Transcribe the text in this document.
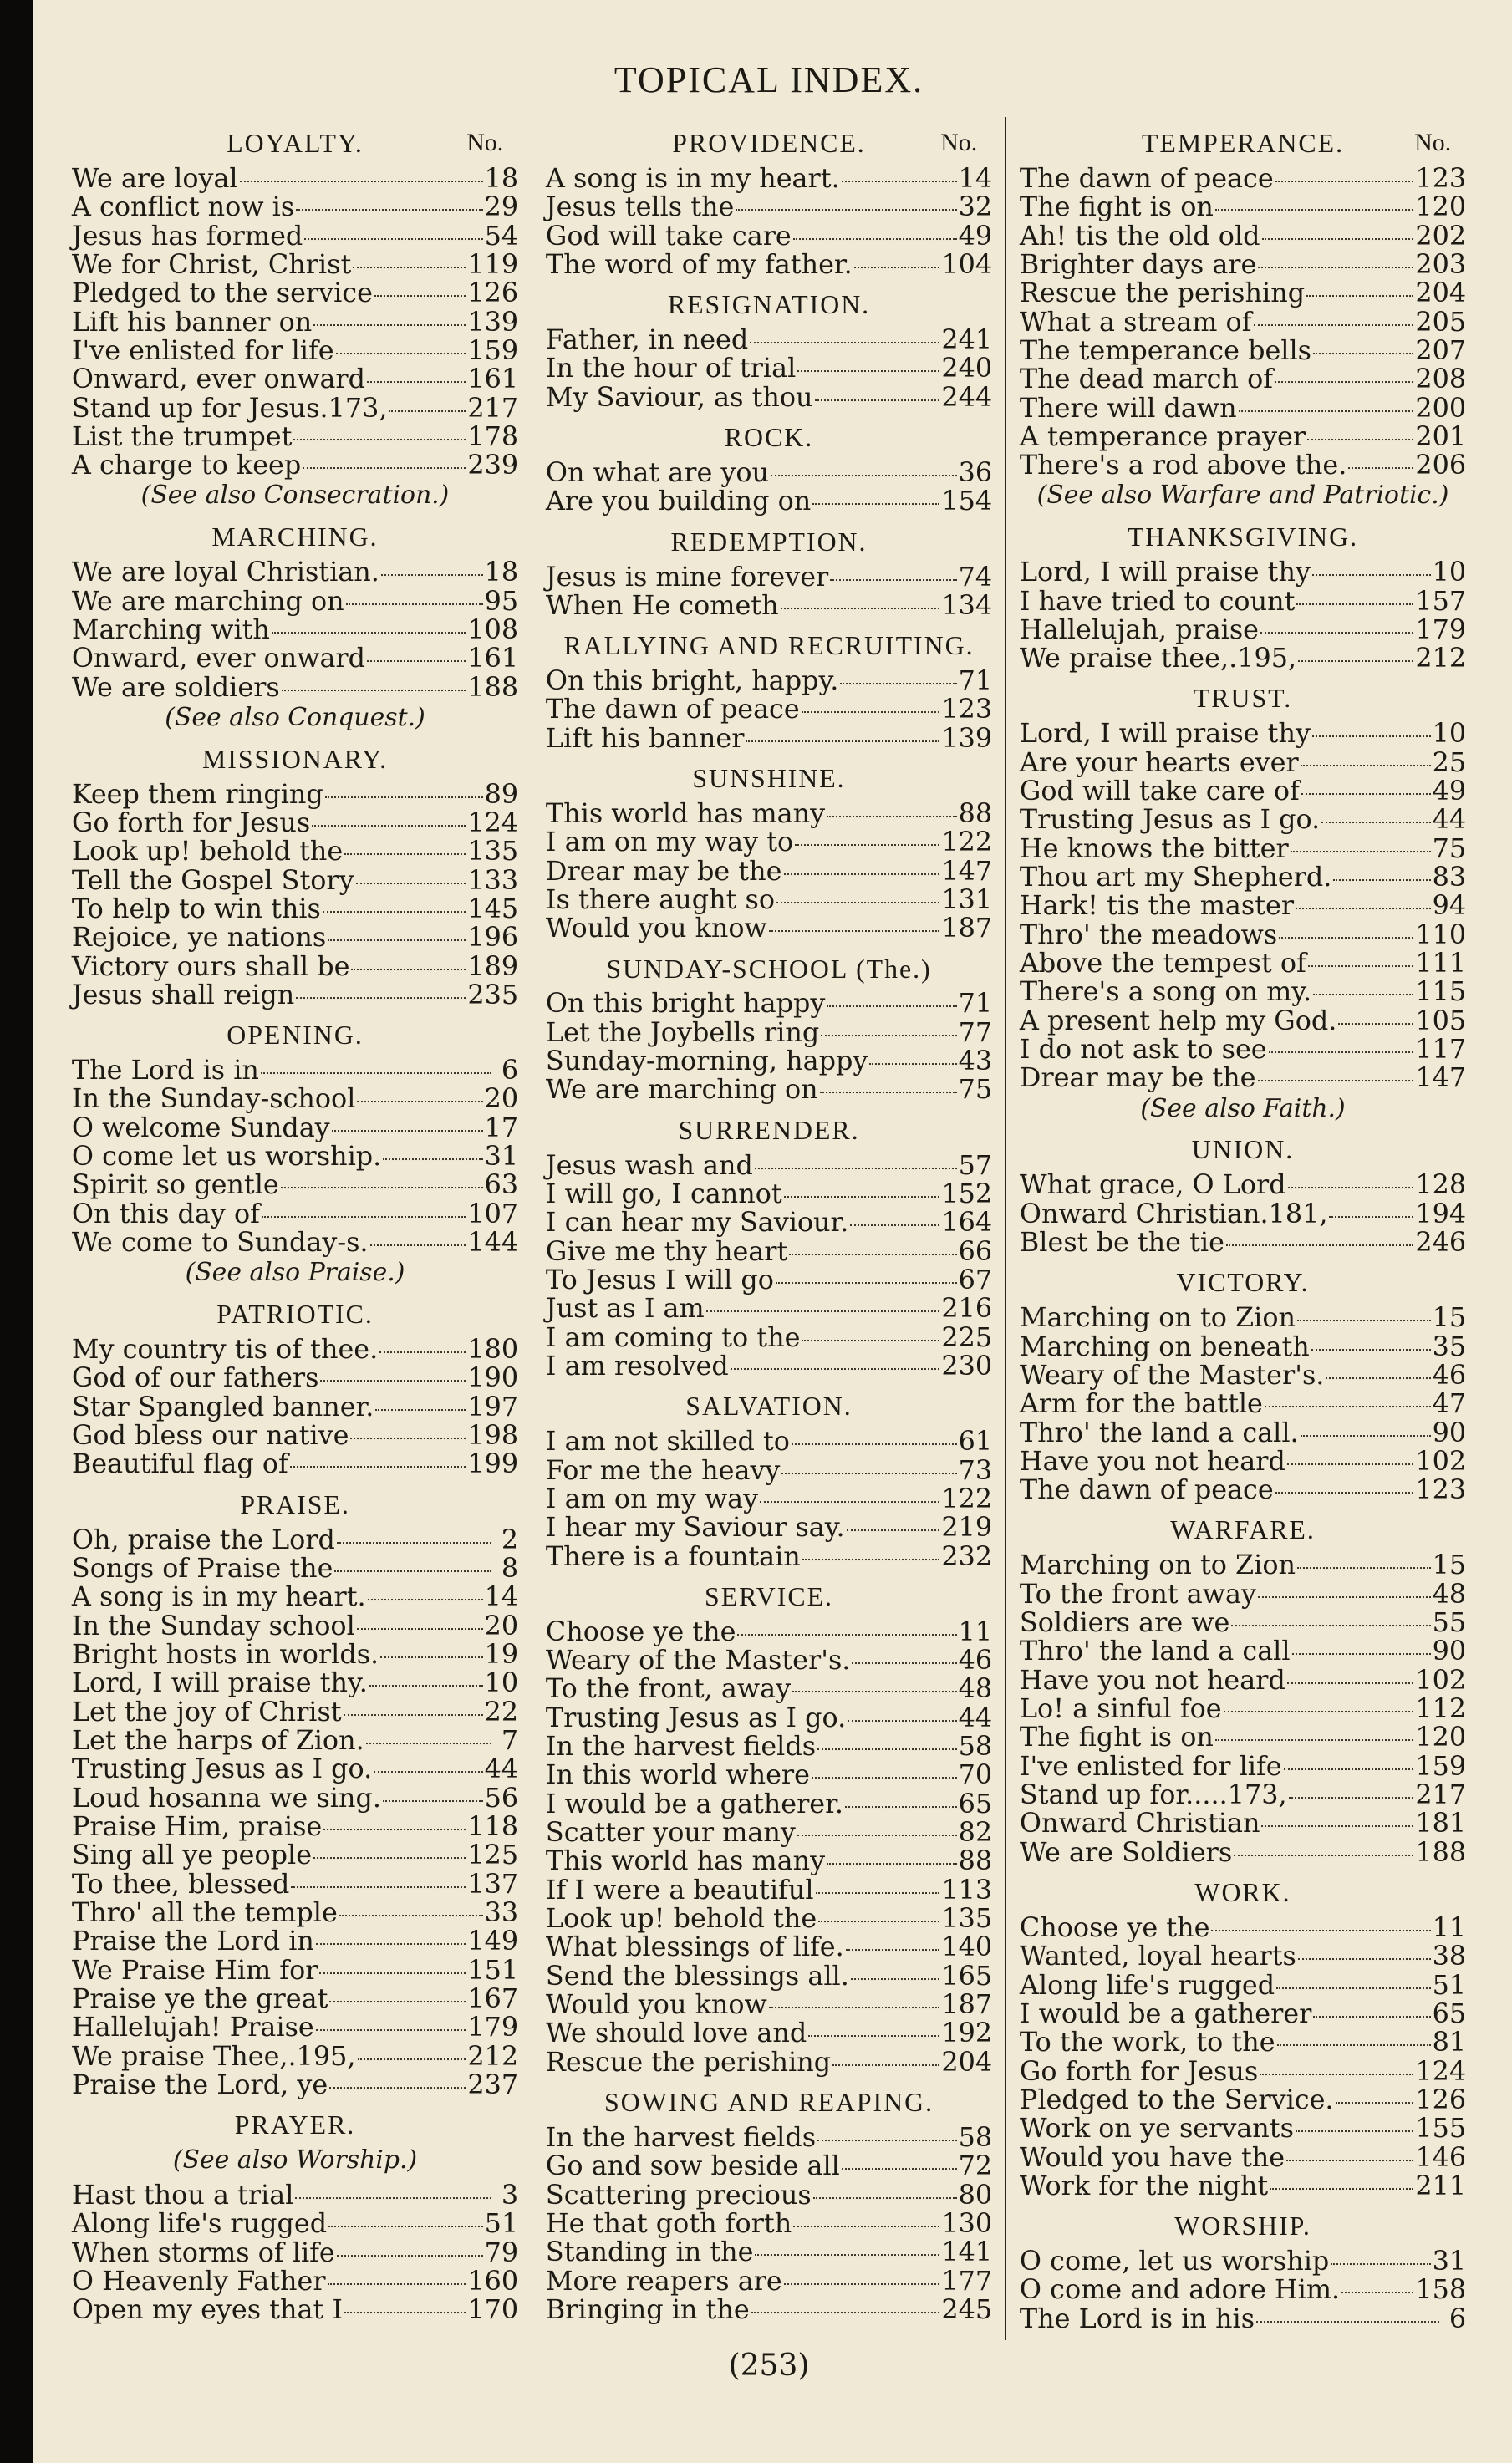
TOPICAL INDEX.
LOYALTY.	No.
We are loyal	18
A conflict now is	29
Jesus has formed	54
We for Christ, Christ	119
Pledged to the service	126
Lift his banner on	139
I've enlisted for life	159
Onward, ever onward	161
Stand up for Jesus.173,	217
List the trumpet	178
A charge to keep	239
(See also Consecration.)
MARCHING.
We are loyal Christian.	18
We are marching on	95
Marching with	108
Onward, ever onward	161
We are soldiers	188
(See also Conquest.)
MISSIONARY.
Keep them ringing	89
Go forth for Jesus	124
Look up! behold the	135
Tell the Gospel Story	133
To help to win this	145
Rejoice, ye nations	196
Victory ours shall be	189
Jesus shall reign	235
OPENING.
The Lord is in	6
In the Sunday-school	20
O welcome Sunday	17
O come let us worship.	31
Spirit so gentle	63
On this day of	107
We come to Sunday-s.	144
(See also Praise.)
PATRIOTIC.
My country tis of thee.	180
God of our fathers	190
Star Spangled banner.	197
God bless our native	198
Beautiful flag of	199
PRAISE.
Oh, praise the Lord	2
Songs of Praise the	8
A song is in my heart.	14
In the Sunday school	20
Bright hosts in worlds.	19
Lord, I will praise thy.	10
Let the joy of Christ	22
Let the harps of Zion.	7
Trusting Jesus as I go.	44
Loud hosanna we sing.	56
Praise Him, praise	118
Sing all ye people	125
To thee, blessed	137
Thro' all the temple	33
Praise the Lord in	149
We Praise Him for	151
Praise ye the great	167
Hallelujah! Praise	179
We praise Thee,.195,	212
Praise the Lord, ye	237
PRAYER.
(See also Worship.)
Hast thou a trial	3
Along life's rugged	51
When storms of life	79
O Heavenly Father	160
Open my eyes that I	170
PROVIDENCE.	No.
A song is in my heart.	14
Jesus tells the	32
God will take care	49
The word of my father.	104
RESIGNATION.
Father, in need	241
In the hour of trial	240
My Saviour, as thou	244
ROCK.
On what are you	36
Are you building on	154
REDEMPTION.
Jesus is mine forever	74
When He cometh	134
RALLYING AND RECRUITING.
On this bright, happy.	71
The dawn of peace	123
Lift his banner	139
SUNSHINE.
This world has many	88
I am on my way to	122
Drear may be the	147
Is there aught so	131
Would you know	187
SUNDAY-SCHOOL (The.)
On this bright happy	71
Let the Joybells ring	77
Sunday-morning, happy	43
We are marching on	75
SURRENDER.
Jesus wash and	57
I will go, I cannot	152
I can hear my Saviour.	164
Give me thy heart	66
To Jesus I will go	67
Just as I am	216
I am coming to the	225
I am resolved	230
SALVATION.
I am not skilled to	61
For me the heavy	73
I am on my way	122
I hear my Saviour say.	219
There is a fountain	232
SERVICE.
Choose ye the	11
Weary of the Master's.	46
To the front, away	48
Trusting Jesus as I go.	44
In the harvest fields	58
In this world where	70
I would be a gatherer.	65
Scatter your many	82
This world has many	88
If I were a beautiful	113
Look up! behold the	135
What blessings of life.	140
Send the blessings all.	165
Would you know	187
We should love and	192
Rescue the perishing	204
SOWING AND REAPING.
In the harvest fields	58
Go and sow beside all	72
Scattering precious	80
He that goth forth	130
Standing in the	141
More reapers are	177
Bringing in the	245
TEMPERANCE.	No.
The dawn of peace	123
The fight is on	120
Ah! tis the old old	202
Brighter days are	203
Rescue the perishing	204
What a stream of	205
The temperance bells	207
The dead march of	208
There will dawn	200
A temperance prayer	201
There's a rod above the.	206
(See also Warfare and Patriotic.)
THANKSGIVING.
Lord, I will praise thy	10
I have tried to count	157
Hallelujah, praise	179
We praise thee,.195,	212
TRUST.
Lord, I will praise thy	10
Are your hearts ever	25
God will take care of	49
Trusting Jesus as I go.	44
He knows the bitter	75
Thou art my Shepherd.	83
Hark! tis the master	94
Thro' the meadows	110
Above the tempest of	111
There's a song on my.	115
A present help my God.	105
I do not ask to see	117
Drear may be the	147
(See also Faith.)
UNION.
What grace, O Lord	128
Onward Christian.181,	194
Blest be the tie	246
VICTORY.
Marching on to Zion	15
Marching on beneath	35
Weary of the Master's.	46
Arm for the battle	47
Thro' the land a call.	90
Have you not heard	102
The dawn of peace	123
WARFARE.
Marching on to Zion	15
To the front away	48
Soldiers are we	55
Thro' the land a call	90
Have you not heard	102
Lo! a sinful foe	112
The fight is on	120
I've enlisted for life	159
Stand up for.....173,	217
Onward Christian	181
We are Soldiers	188
WORK.
Choose ye the	11
Wanted, loyal hearts	38
Along life's rugged	51
I would be a gatherer	65
To the work, to the	81
Go forth for Jesus	124
Pledged to the Service.	126
Work on ye servants	155
Would you have the	146
Work for the night	211
WORSHIP.
O come, let us worship	31
O come and adore Him.	158
The Lord is in his	6
(253)
